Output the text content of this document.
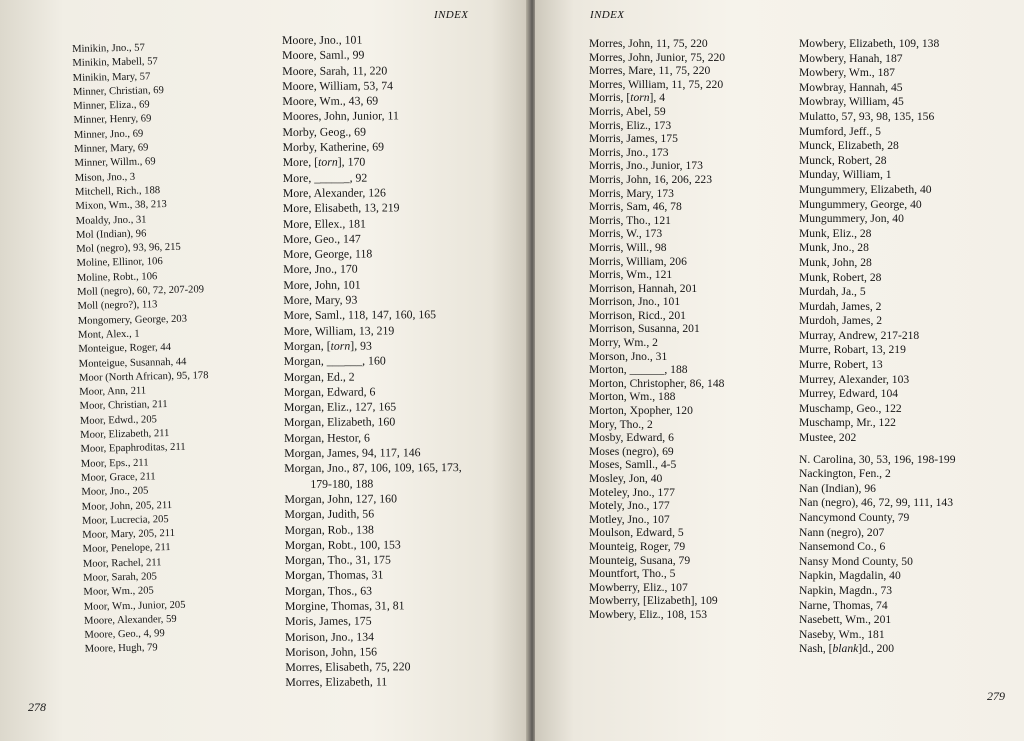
INDEX
Minikin, Jno., 57
Minikin, Mabell, 57
Minikin, Mary, 57
Minner, Christian, 69
Minner, Eliza., 69
Minner, Henry, 69
Minner, Jno., 69
Minner, Mary, 69
Minner, Willm., 69
Mison, Jno., 3
Mitchell, Rich., 188
Mixon, Wm., 38, 213
Moaldy, Jno., 31
Mol (Indian), 96
Mol (negro), 93, 96, 215
Moline, Ellinor, 106
Moline, Robt., 106
Moll (negro), 60, 72, 207-209
Moll (negro?), 113
Mongomery, George, 203
Mont, Alex., 1
Monteigue, Roger, 44
Monteigue, Susannah, 44
Moor (North African), 95, 178
Moor, Ann, 211
Moor, Christian, 211
Moor, Edwd., 205
Moor, Elizabeth, 211
Moor, Epaphroditas, 211
Moor, Eps., 211
Moor, Grace, 211
Moor, Jno., 205
Moor, John, 205, 211
Moor, Lucrecia, 205
Moor, Mary, 205, 211
Moor, Penelope, 211
Moor, Rachel, 211
Moor, Sarah, 205
Moor, Wm., 205
Moor, Wm., Junior, 205
Moore, Alexander, 59
Moore, Geo., 4, 99
Moore, Hugh, 79
Moore, Jno., 101
Moore, Saml., 99
Moore, Sarah, 11, 220
Moore, William, 53, 74
Moore, Wm., 43, 69
Moores, John, Junior, 11
Morby, Geog., 69
Morby, Katherine, 69
More, [torn], 170
More, ______, 92
More, Alexander, 126
More, Elisabeth, 13, 219
More, Ellex., 181
More, Geo., 147
More, George, 118
More, Jno., 170
More, John, 101
More, Mary, 93
More, Saml., 118, 147, 160, 165
More, William, 13, 219
Morgan, [torn], 93
Morgan, ______, 160
Morgan, Ed., 2
Morgan, Edward, 6
Morgan, Eliz., 127, 165
Morgan, Elizabeth, 160
Morgan, Hestor, 6
Morgan, James, 94, 117, 146
Morgan, Jno., 87, 106, 109, 165, 173,
179-180, 188
Morgan, John, 127, 160
Morgan, Judith, 56
Morgan, Rob., 138
Morgan, Robt., 100, 153
Morgan, Tho., 31, 175
Morgan, Thomas, 31
Morgan, Thos., 63
Morgine, Thomas, 31, 81
Moris, James, 175
Morison, Jno., 134
Morison, John, 156
Morres, Elisabeth, 75, 220
Morres, Elizabeth, 11
278
INDEX
Morres, John, 11, 75, 220
Morres, John, Junior, 75, 220
Morres, Mare, 11, 75, 220
Morres, William, 11, 75, 220
Morris, [torn], 4
Morris, Abel, 59
Morris, Eliz., 173
Morris, James, 175
Morris, Jno., 173
Morris, Jno., Junior, 173
Morris, John, 16, 206, 223
Morris, Mary, 173
Morris, Sam, 46, 78
Morris, Tho., 121
Morris, W., 173
Morris, Will., 98
Morris, William, 206
Morris, Wm., 121
Morrison, Hannah, 201
Morrison, Jno., 101
Morrison, Ricd., 201
Morrison, Susanna, 201
Morry, Wm., 2
Morson, Jno., 31
Morton, ______, 188
Morton, Christopher, 86, 148
Morton, Wm., 188
Morton, Xpopher, 120
Mory, Tho., 2
Mosby, Edward, 6
Moses (negro), 69
Moses, Samll., 4-5
Mosley, Jon, 40
Moteley, Jno., 177
Motely, Jno., 177
Motley, Jno., 107
Moulson, Edward, 5
Mounteig, Roger, 79
Mounteig, Susana, 79
Mountfort, Tho., 5
Mowberry, Eliz., 107
Mowberry, [Elizabeth], 109
Mowbery, Eliz., 108, 153
Mowbery, Elizabeth, 109, 138
Mowbery, Hanah, 187
Mowbery, Wm., 187
Mowbray, Hannah, 45
Mowbray, William, 45
Mulatto, 57, 93, 98, 135, 156
Mumford, Jeff., 5
Munck, Elizabeth, 28
Munck, Robert, 28
Munday, William, 1
Mungummery, Elizabeth, 40
Mungummery, George, 40
Mungummery, Jon, 40
Munk, Eliz., 28
Munk, Jno., 28
Munk, John, 28
Munk, Robert, 28
Murdah, Ja., 5
Murdah, James, 2
Murdoh, James, 2
Murray, Andrew, 217-218
Murre, Robart, 13, 219
Murre, Robert, 13
Murrey, Alexander, 103
Murrey, Edward, 104
Muschamp, Geo., 122
Muschamp, Mr., 122
Mustee, 202
N. Carolina, 30, 53, 196, 198-199
Nackington, Fen., 2
Nan (Indian), 96
Nan (negro), 46, 72, 99, 111, 143
Nancymond County, 79
Nann (negro), 207
Nansemond Co., 6
Nansy Mond County, 50
Napkin, Magdalin, 40
Napkin, Magdn., 73
Narne, Thomas, 74
Nasebett, Wm., 201
Naseby, Wm., 181
Nash, [blank]d., 200
279
